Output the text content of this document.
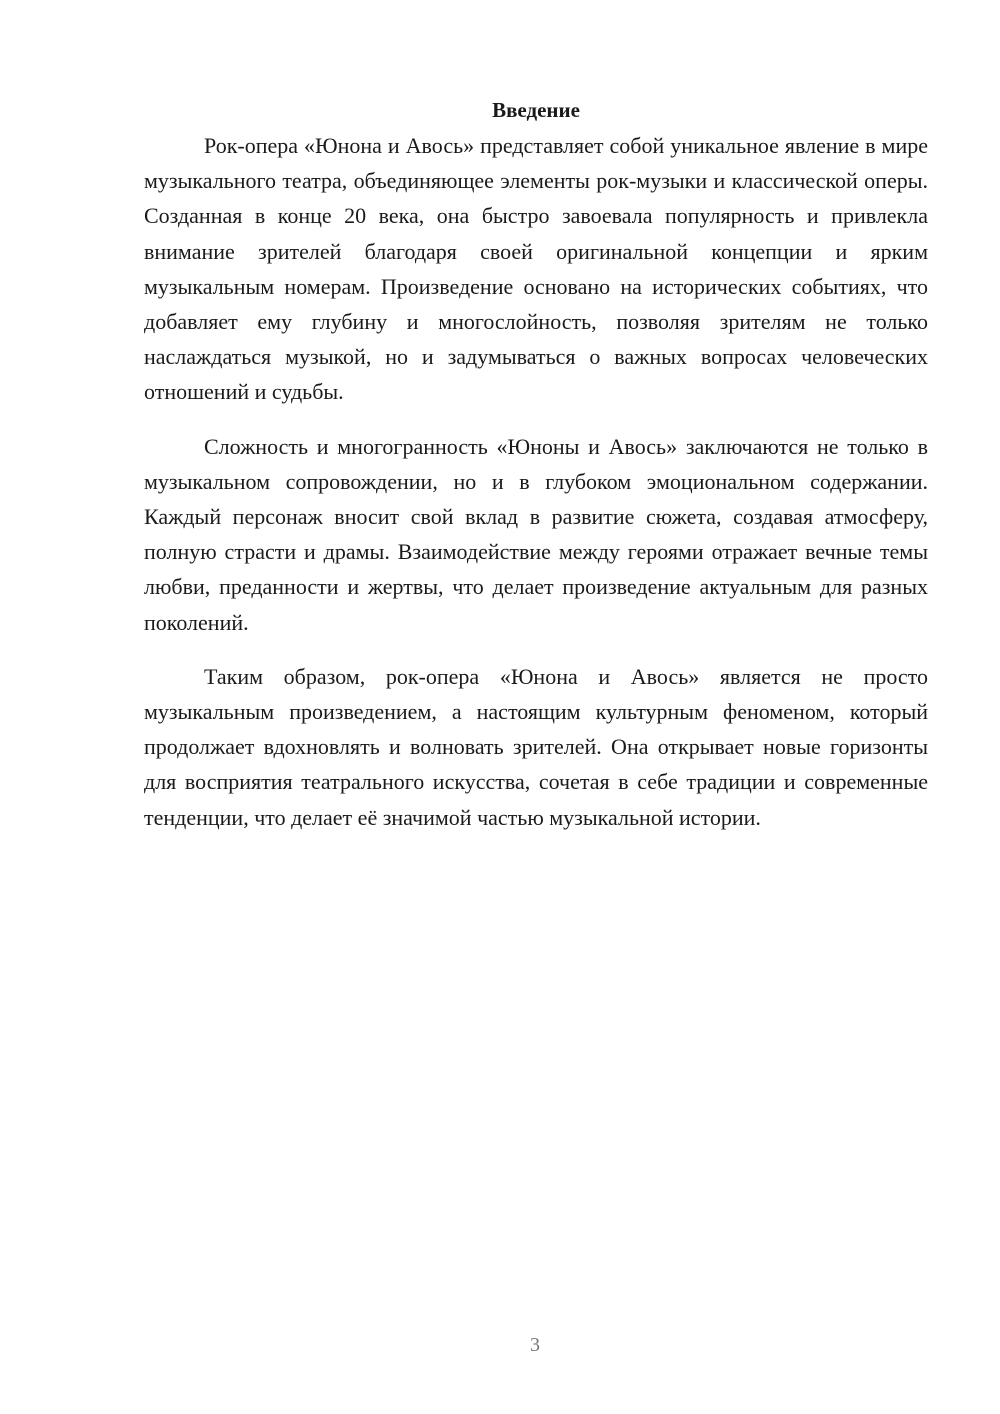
Введение

Рок-опера «Юнона и Авось» представляет собой уникальное явление в мире музыкального театра, объединяющее элементы рок-музыки и классической оперы. Созданная в конце 20 века, она быстро завоевала популярность и привлекла внимание зрителей благодаря своей оригинальной концепции и ярким музыкальным номерам. Произведение основано на исторических событиях, что добавляет ему глубину и многослойность, позволяя зрителям не только наслаждаться музыкой, но и задумываться о важных вопросах человеческих отношений и судьбы.

Сложность и многогранность «Юноны и Авось» заключаются не только в музыкальном сопровождении, но и в глубоком эмоциональном содержании. Каждый персонаж вносит свой вклад в развитие сюжета, создавая атмосферу, полную страсти и драмы. Взаимодействие между героями отражает вечные темы любви, преданности и жертвы, что делает произведение актуальным для разных поколений.

Таким образом, рок-опера «Юнона и Авось» является не просто музыкальным произведением, а настоящим культурным феноменом, который продолжает вдохновлять и волновать зрителей. Она открывает новые горизонты для восприятия театрального искусства, сочетая в себе традиции и современные тенденции, что делает её значимой частью музыкальной истории.

3
